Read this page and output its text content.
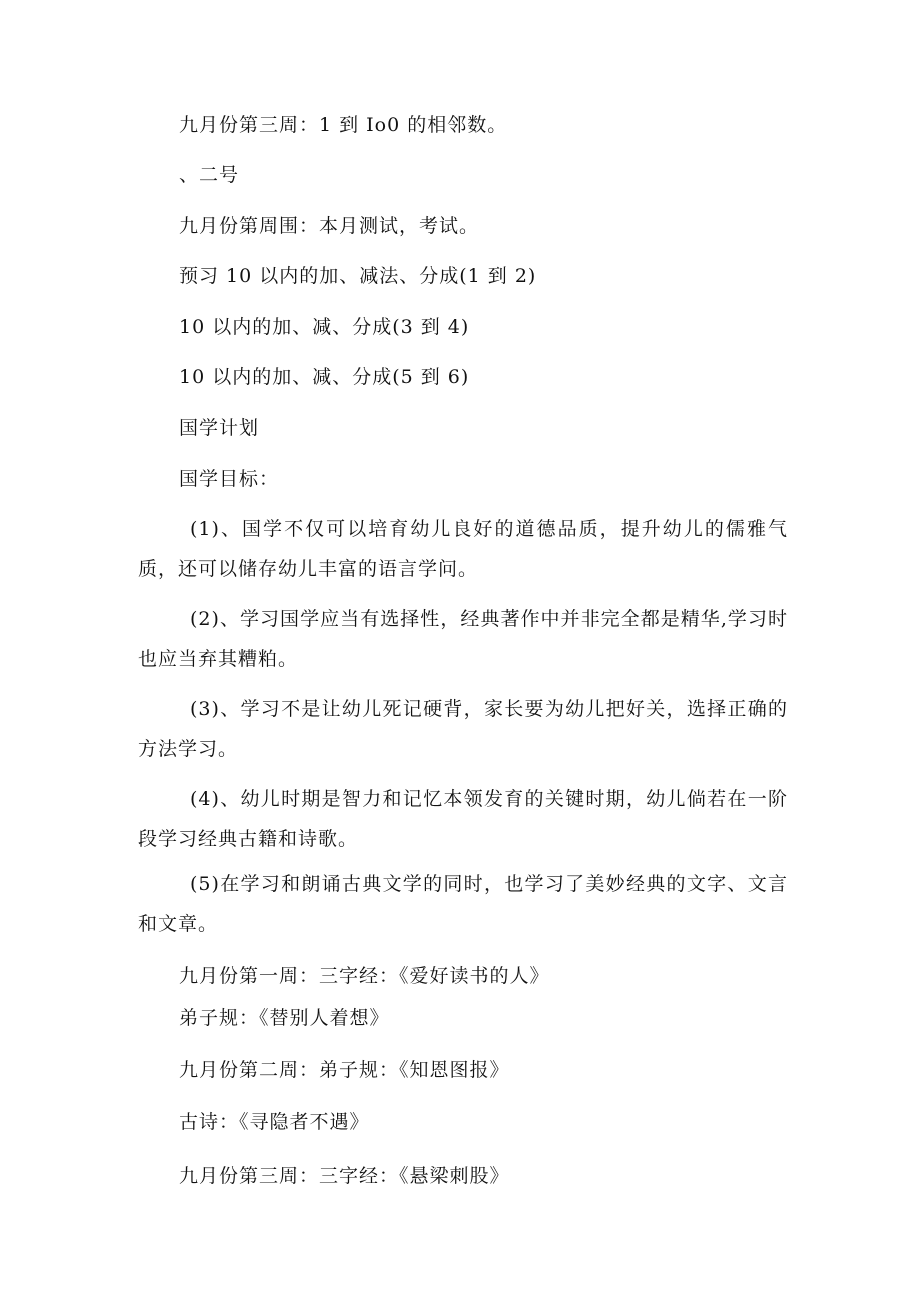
九月份第三周：1 到 Io0 的相邻数。
、二号
九月份第周围：本月测试，考试。
预习 10 以内的加、减法、分成(1 到 2)
10 以内的加、减、分成(3 到 4)
10 以内的加、减、分成(5 到 6)
国学计划
国学目标：
(1)、国学不仅可以培育幼儿良好的道德品质，提升幼儿的儒雅气质，还可以储存幼儿丰富的语言学问。
(2)、学习国学应当有选择性，经典著作中并非完全都是精华,学习时也应当弃其糟粕。
(3)、学习不是让幼儿死记硬背，家长要为幼儿把好关，选择正确的方法学习。
(4)、幼儿时期是智力和记忆本领发育的关键时期，幼儿倘若在一阶段学习经典古籍和诗歌。
(5)在学习和朗诵古典文学的同时，也学习了美妙经典的文字、文言和文章。
九月份第一周：三字经：《爱好读书的人》
弟子规：《替别人着想》
九月份第二周：弟子规：《知恩图报》
古诗：《寻隐者不遇》
九月份第三周：三字经：《悬梁刺股》
